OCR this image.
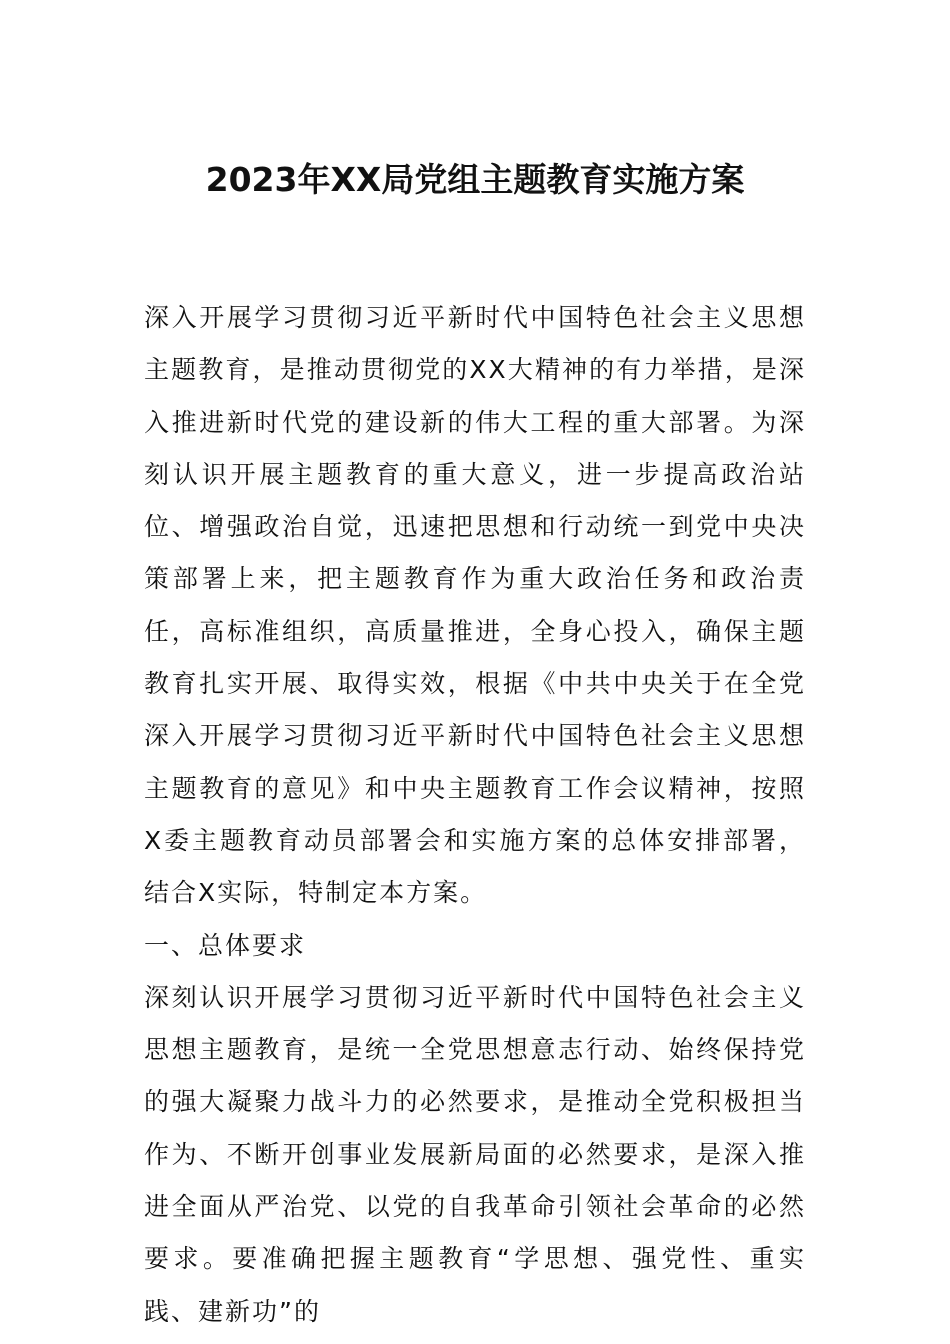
2023年XX局党组主题教育实施方案

深入开展学习贯彻习近平新时代中国特色社会主义思想主题教育，是推动贯彻党的XX大精神的有力举措，是深入推进新时代党的建设新的伟大工程的重大部署。为深刻认识开展主题教育的重大意义，进一步提高政治站位、增强政治自觉，迅速把思想和行动统一到党中央决策部署上来，把主题教育作为重大政治任务和政治责任，高标准组织，高质量推进，全身心投入，确保主题教育扎实开展、取得实效，根据《中共中央关于在全党深入开展学习贯彻习近平新时代中国特色社会主义思想主题教育的意见》和中央主题教育工作会议精神，按照X委主题教育动员部署会和实施方案的总体安排部署，结合X实际，特制定本方案。

一、总体要求

深刻认识开展学习贯彻习近平新时代中国特色社会主义思想主题教育，是统一全党思想意志行动、始终保持党的强大凝聚力战斗力的必然要求，是推动全党积极担当作为、不断开创事业发展新局面的必然要求，是深入推进全面从严治党、以党的自我革命引领社会革命的必然要求。要准确把握主题教育“学思想、强党性、重实践、建新功”的
